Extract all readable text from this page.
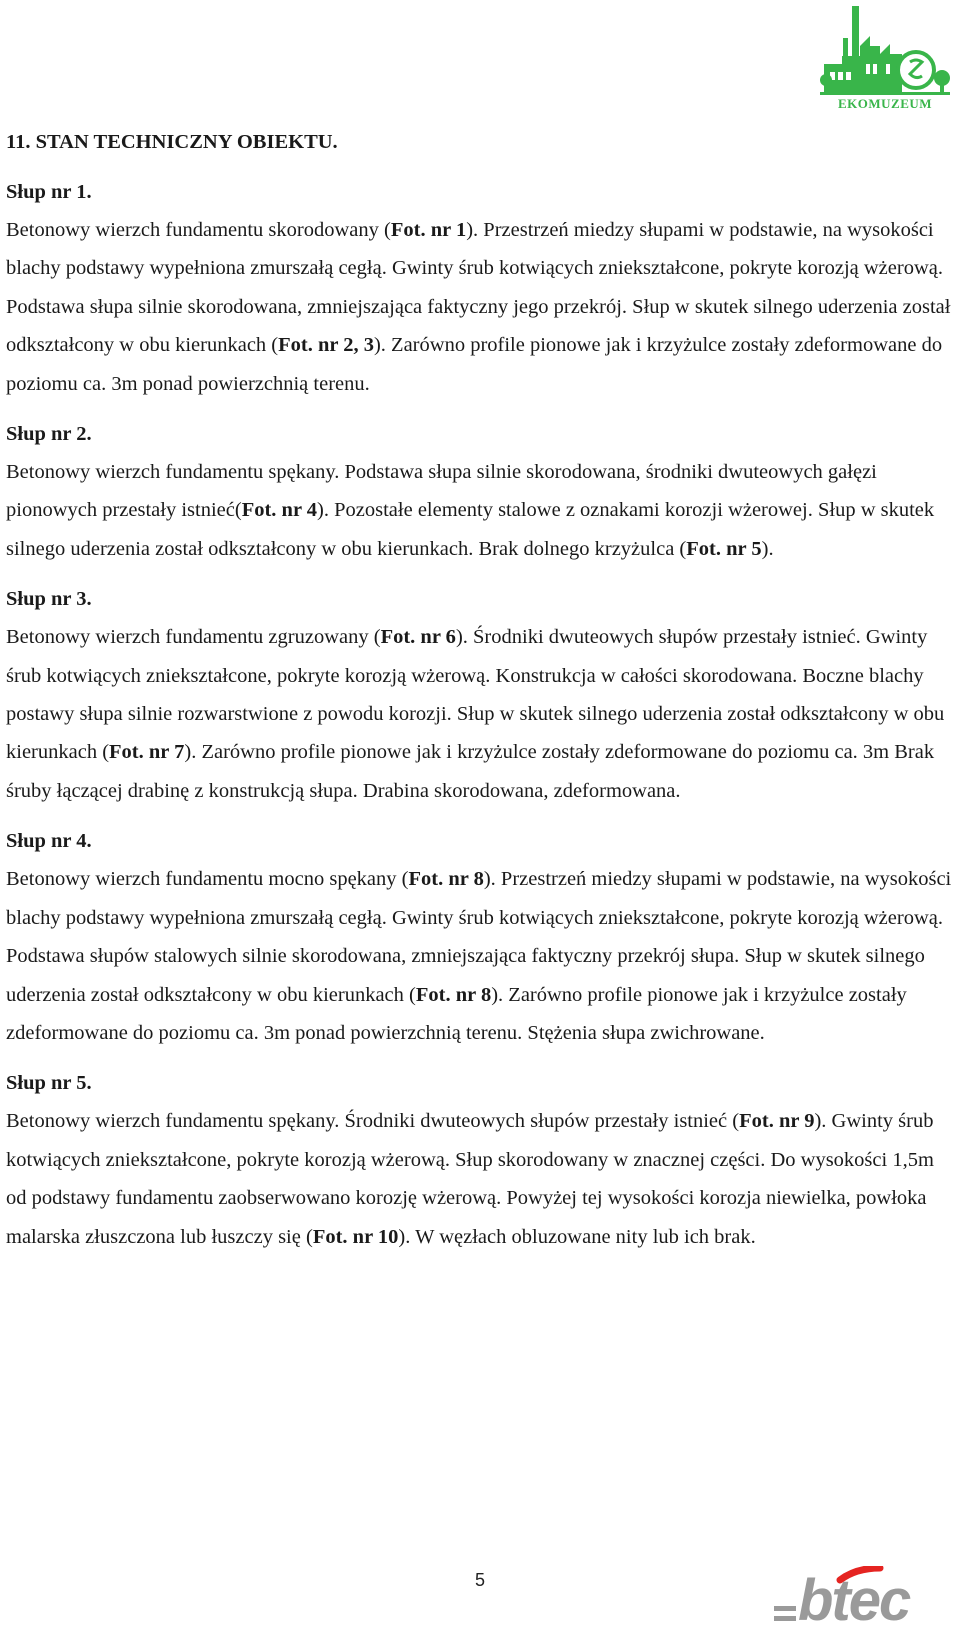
EKOMUZEUM
11. STAN TECHNICZNY OBIEKTU.
Słup nr 1.

Betonowy wierzch fundamentu skorodowany (Fot. nr 1). Przestrzeń miedzy słupami w podstawie, na wysokości blachy podstawy wypełniona zmurszałą cegłą. Gwinty śrub kotwiących zniekształcone, pokryte korozją wżerową. Podstawa słupa silnie skorodowana, zmniejszająca faktyczny jego przekrój. Słup w skutek silnego uderzenia został odkształcony w obu kierunkach (Fot. nr 2, 3). Zarówno profile pionowe jak i krzyżulce zostały zdeformowane do poziomu ca. 3m ponad powierzchnią terenu.

Słup nr 2.

Betonowy wierzch fundamentu spękany. Podstawa słupa silnie skorodowana, środniki dwuteowych gałęzi pionowych przestały istnieć(Fot. nr 4). Pozostałe elementy stalowe z oznakami korozji wżerowej. Słup w skutek silnego uderzenia został odkształcony w obu kierunkach. Brak dolnego krzyżulca (Fot. nr 5).

Słup nr 3.

Betonowy wierzch fundamentu zgruzowany (Fot. nr 6). Środniki dwuteowych słupów przestały istnieć. Gwinty śrub kotwiących zniekształcone, pokryte korozją wżerową. Konstrukcja w całości skorodowana. Boczne blachy postawy słupa silnie rozwarstwione z powodu korozji. Słup w skutek silnego uderzenia został odkształcony w obu kierunkach (Fot. nr 7). Zarówno profile pionowe jak i krzyżulce zostały zdeformowane do poziomu ca. 3m Brak śruby łączącej drabinę z konstrukcją słupa. Drabina skorodowana, zdeformowana.

Słup nr 4.

Betonowy wierzch fundamentu mocno spękany (Fot. nr 8). Przestrzeń miedzy słupami w podstawie, na wysokości blachy podstawy wypełniona zmurszałą cegłą. Gwinty śrub kotwiących zniekształcone, pokryte korozją wżerową. Podstawa słupów stalowych silnie skorodowana, zmniejszająca faktyczny przekrój słupa. Słup w skutek silnego uderzenia został odkształcony w obu kierunkach (Fot. nr 8). Zarówno profile pionowe jak i krzyżulce zostały zdeformowane do poziomu ca. 3m ponad powierzchnią terenu. Stężenia słupa zwichrowane.

Słup nr 5.

Betonowy wierzch fundamentu spękany. Środniki dwuteowych słupów przestały istnieć (Fot. nr 9). Gwinty śrub kotwiących zniekształcone, pokryte korozją wżerową. Słup skorodowany w znacznej części. Do wysokości 1,5m od podstawy fundamentu zaobserwowano korozję wżerową. Powyżej tej wysokości korozja niewielka, powłoka malarska złuszczona lub łuszczy się (Fot. nr 10). W węzłach obluzowane nity lub ich brak.

5	btec
